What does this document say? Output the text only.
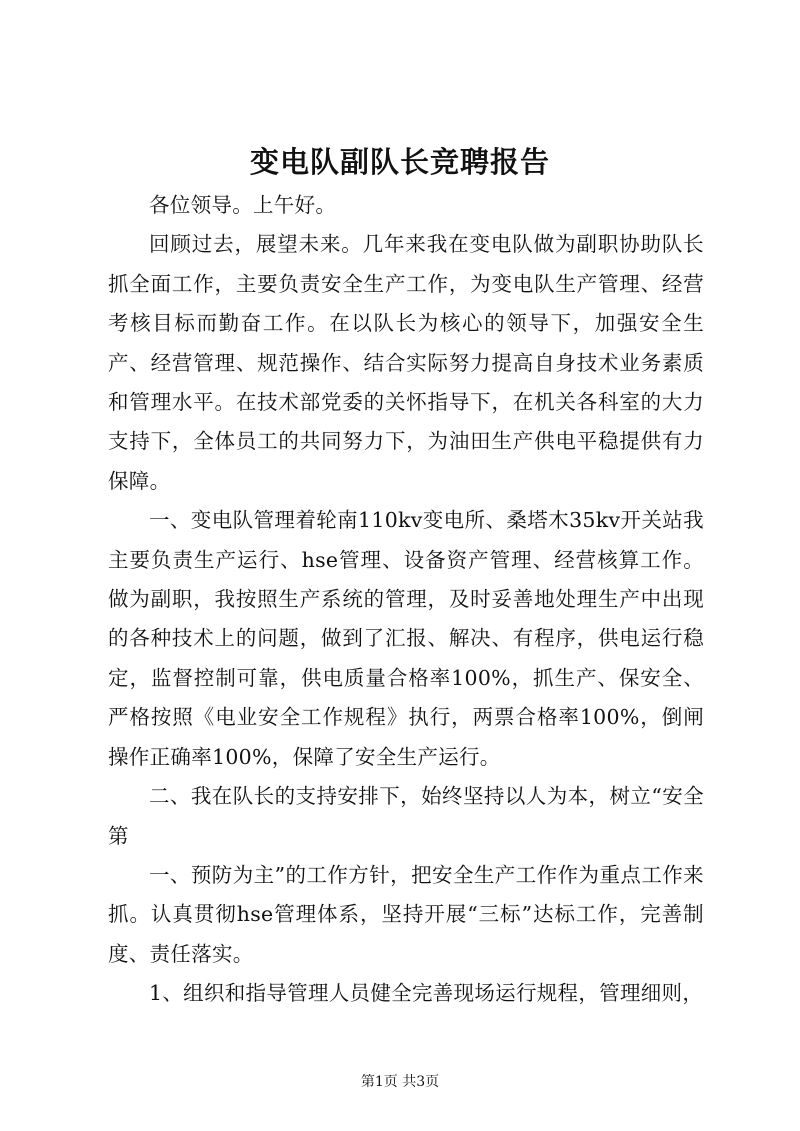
变电队副队长竞聘报告

各位领导。上午好。

回顾过去，展望未来。几年来我在变电队做为副职协助队长抓全面工作，主要负责安全生产工作，为变电队生产管理、经营考核目标而勤奋工作。在以队长为核心的领导下，加强安全生产、经营管理、规范操作、结合实际努力提高自身技术业务素质和管理水平。在技术部党委的关怀指导下，在机关各科室的大力支持下，全体员工的共同努力下，为油田生产供电平稳提供有力保障。

一、变电队管理着轮南110kv变电所、桑塔木35kv开关站我主要负责生产运行、hse管理、设备资产管理、经营核算工作。做为副职，我按照生产系统的管理，及时妥善地处理生产中出现的各种技术上的问题，做到了汇报、解决、有程序，供电运行稳定，监督控制可靠，供电质量合格率100%，抓生产、保安全、严格按照《电业安全工作规程》执行，两票合格率100%，倒闸操作正确率100%，保障了安全生产运行。

二、我在队长的支持安排下，始终坚持以人为本，树立“安全第

一、预防为主”的工作方针，把安全生产工作作为重点工作来抓。认真贯彻hse管理体系，坚持开展“三标”达标工作，完善制度、责任落实。

1、组织和指导管理人员健全完善现场运行规程，管理细则，

第1页 共3页
